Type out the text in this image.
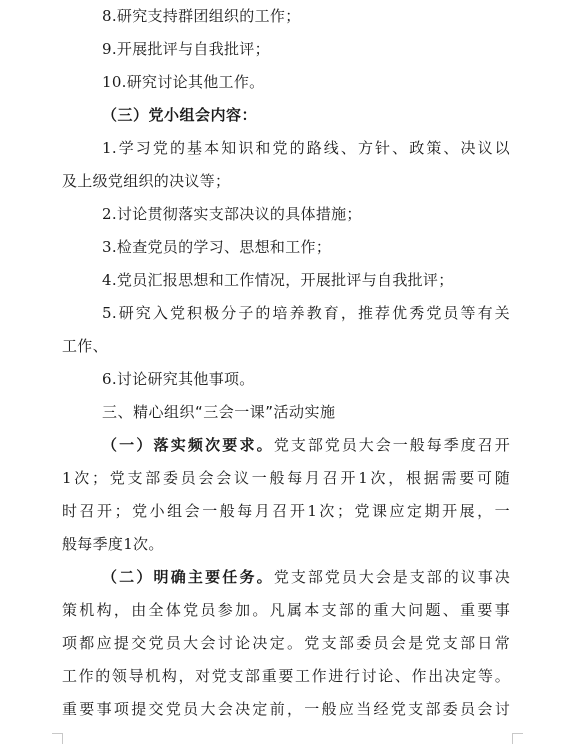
8.研究支持群团组织的工作；
9.开展批评与自我批评；
10.研究讨论其他工作。
（三）党小组会内容：
1.学习党的基本知识和党的路线、方针、政策、决议以
及上级党组织的决议等；
2.讨论贯彻落实支部决议的具体措施；
3.检查党员的学习、思想和工作；
4.党员汇报思想和工作情况，开展批评与自我批评；
5.研究入党积极分子的培养教育，推荐优秀党员等有关
工作、
6.讨论研究其他事项。
三、精心组织“三会一课”活动实施
（一）落实频次要求。党支部党员大会一般每季度召开
1次；党支部委员会会议一般每月召开1次，根据需要可随
时召开；党小组会一般每月召开1次；党课应定期开展，一
般每季度1次。
（二）明确主要任务。党支部党员大会是支部的议事决
策机构，由全体党员参加。凡属本支部的重大问题、重要事
项都应提交党员大会讨论决定。党支部委员会是党支部日常
工作的领导机构，对党支部重要工作进行讨论、作出决定等。
重要事项提交党员大会决定前，一般应当经党支部委员会讨
